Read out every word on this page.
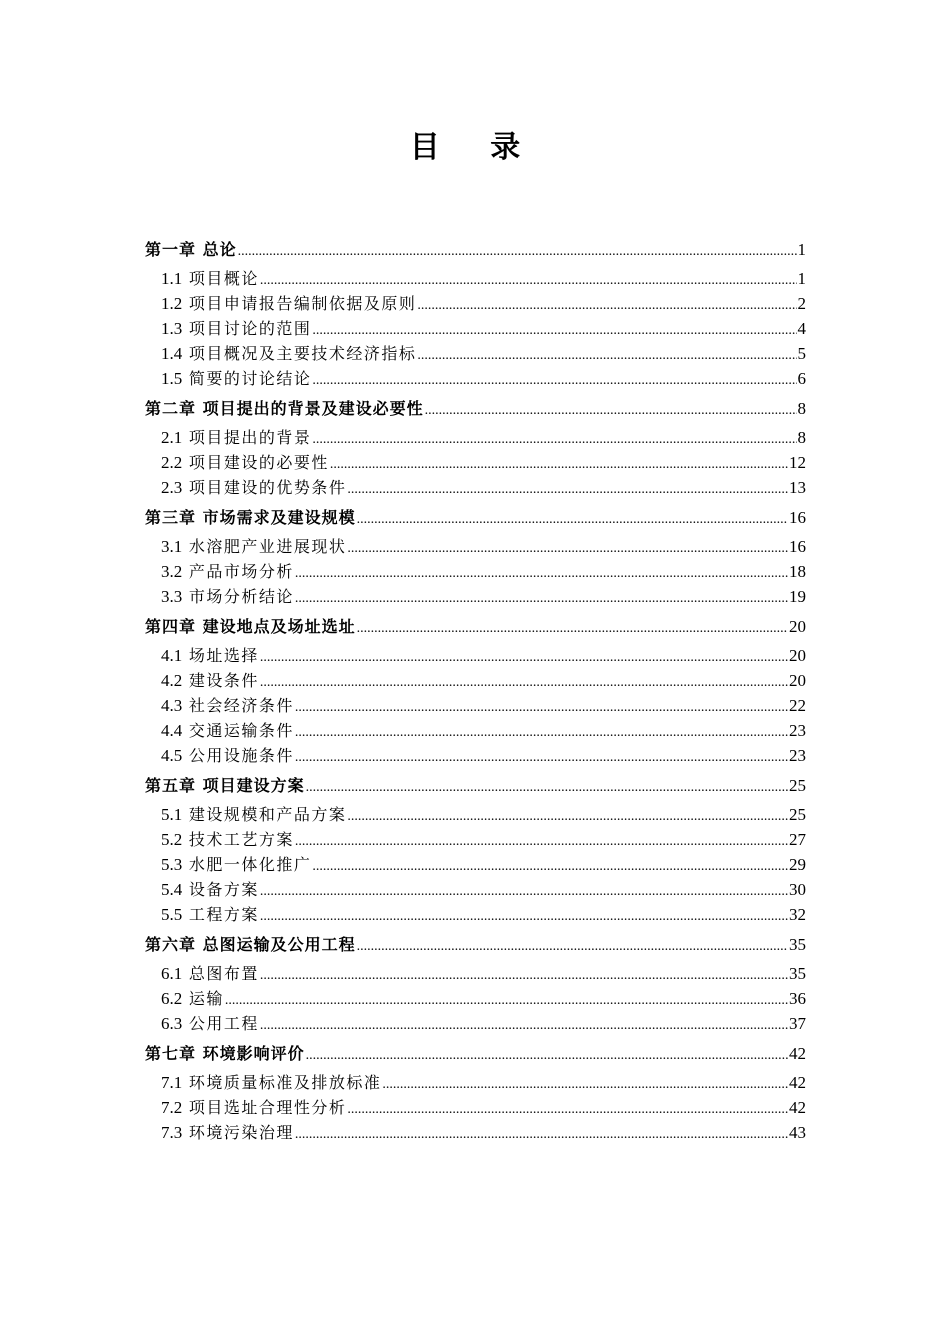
目 录
第一章 总论 .....	1
1.1 项目概论 .....	1
1.2 项目申请报告编制依据及原则 .....	2
1.3 项目讨论的范围 .....	4
1.4 项目概况及主要技术经济指标 .....	5
1.5 简要的讨论结论 .....	6
第二章 项目提出的背景及建设必要性 .....	8
2.1 项目提出的背景 .....	8
2.2 项目建设的必要性 .....	12
2.3 项目建设的优势条件 .....	13
第三章 市场需求及建设规模 .....	16
3.1 水溶肥产业进展现状 .....	16
3.2 产品市场分析 .....	18
3.3 市场分析结论 .....	19
第四章 建设地点及场址选址 .....	20
4.1 场址选择 .....	20
4.2 建设条件 .....	20
4.3 社会经济条件 .....	22
4.4 交通运输条件 .....	23
4.5 公用设施条件 .....	23
第五章 项目建设方案 .....	25
5.1 建设规模和产品方案 .....	25
5.2 技术工艺方案 .....	27
5.3 水肥一体化推广 .....	29
5.4 设备方案 .....	30
5.5 工程方案 .....	32
第六章 总图运输及公用工程 .....	35
6.1 总图布置 .....	35
6.2 运输 .....	36
6.3 公用工程 .....	37
第七章 环境影响评价 .....	42
7.1 环境质量标准及排放标准 .....	42
7.2 项目选址合理性分析 .....	42
7.3 环境污染治理 .....	43
